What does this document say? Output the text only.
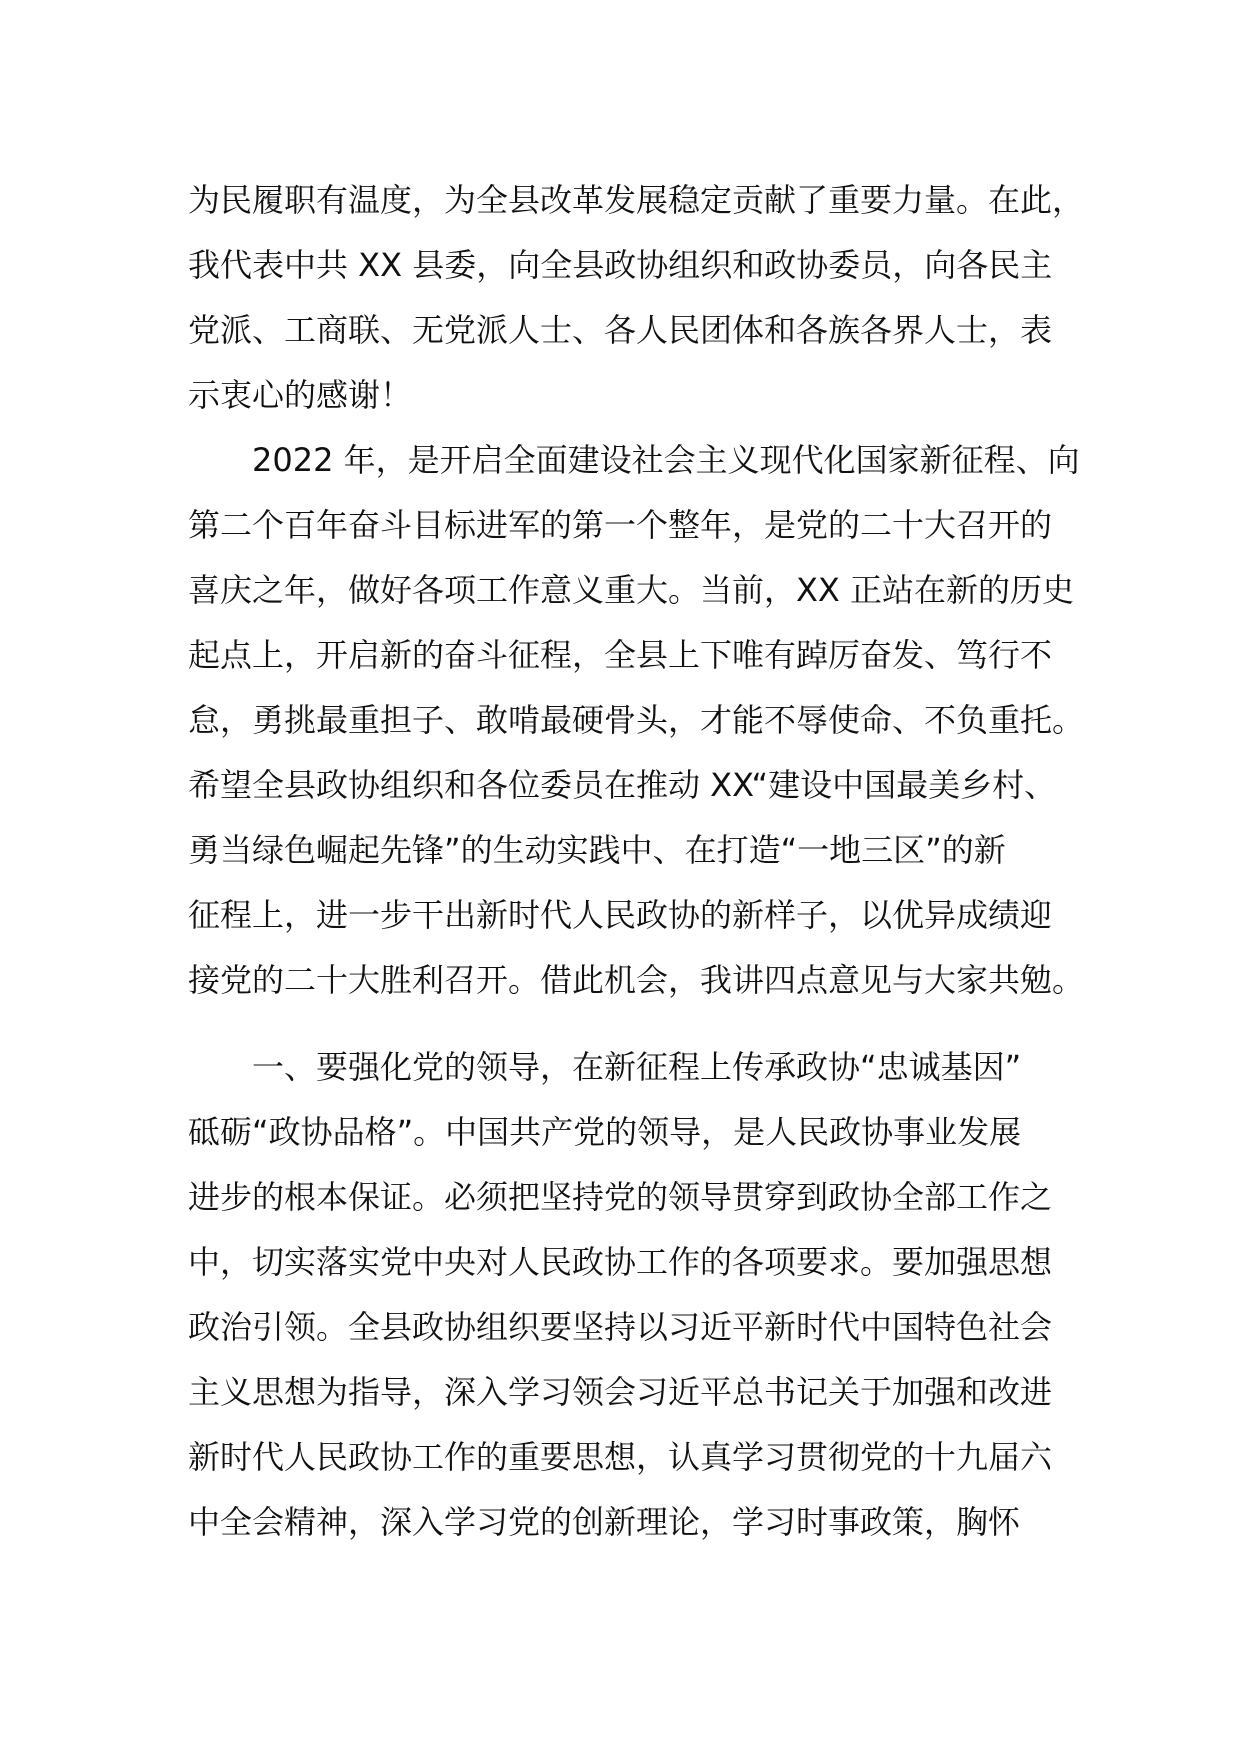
为民履职有温度，为全县改革发展稳定贡献了重要力量。在此，
我代表中共 XX 县委，向全县政协组织和政协委员，向各民主
党派、工商联、无党派人士、各人民团体和各族各界人士，表
示衷心的感谢！
　　2022 年，是开启全面建设社会主义现代化国家新征程、向
第二个百年奋斗目标进军的第一个整年，是党的二十大召开的
喜庆之年，做好各项工作意义重大。当前，XX 正站在新的历史
起点上，开启新的奋斗征程，全县上下唯有踔厉奋发、笃行不
怠，勇挑最重担子、敢啃最硬骨头，才能不辱使命、不负重托。
希望全县政协组织和各位委员在推动 XX“建设中国最美乡村、
勇当绿色崛起先锋”的生动实践中、在打造“一地三区”的新
征程上，进一步干出新时代人民政协的新样子，以优异成绩迎
接党的二十大胜利召开。借此机会，我讲四点意见与大家共勉。
　　一、要强化党的领导，在新征程上传承政协“忠诚基因”
砥砺“政协品格”。中国共产党的领导，是人民政协事业发展
进步的根本保证。必须把坚持党的领导贯穿到政协全部工作之
中，切实落实党中央对人民政协工作的各项要求。要加强思想
政治引领。全县政协组织要坚持以习近平新时代中国特色社会
主义思想为指导，深入学习领会习近平总书记关于加强和改进
新时代人民政协工作的重要思想，认真学习贯彻党的十九届六
中全会精神，深入学习党的创新理论，学习时事政策，胸怀
